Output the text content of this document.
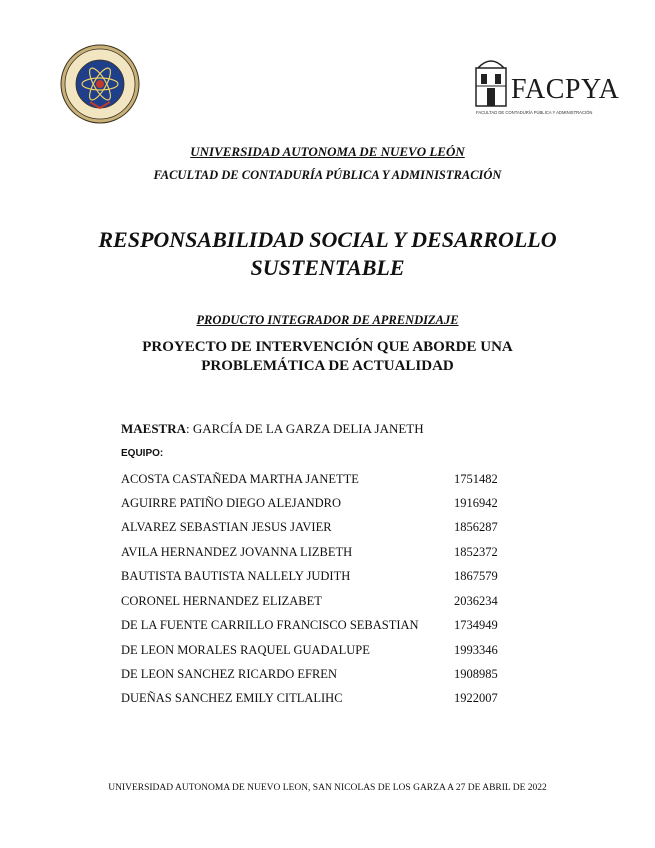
FACPYA
FACULTAD DE CONTADURÍA PÚBLICA Y ADMINISTRACIÓN
UNIVERSIDAD AUTONOMA DE NUEVO LEÓN
FACULTAD DE CONTADURÍA PÚBLICA Y ADMINISTRACIÓN
RESPONSABILIDAD SOCIAL Y DESARROLLO
SUSTENTABLE
PRODUCTO INTEGRADOR DE APRENDIZAJE
PROYECTO DE INTERVENCIÓN QUE ABORDE UNA
PROBLEMÁTICA DE ACTUALIDAD
MAESTRA: GARCÍA DE LA GARZA DELIA JANETH
EQUIPO:
ACOSTA CASTAÑEDA MARTHA JANETTE	1751482
AGUIRRE PATIÑO DIEGO ALEJANDRO	1916942
ALVAREZ SEBASTIAN JESUS JAVIER	1856287
AVILA HERNANDEZ JOVANNA LIZBETH	1852372
BAUTISTA BAUTISTA NALLELY JUDITH	1867579
CORONEL HERNANDEZ ELIZABET	2036234
DE LA FUENTE CARRILLO FRANCISCO SEBASTIAN	1734949
DE LEON MORALES RAQUEL GUADALUPE	1993346
DE LEON SANCHEZ RICARDO EFREN	1908985
DUEÑAS SANCHEZ EMILY CITLALIHC	1922007
UNIVERSIDAD AUTONOMA DE NUEVO LEON, SAN NICOLAS DE LOS GARZA A 27 DE ABRIL DE 2022
